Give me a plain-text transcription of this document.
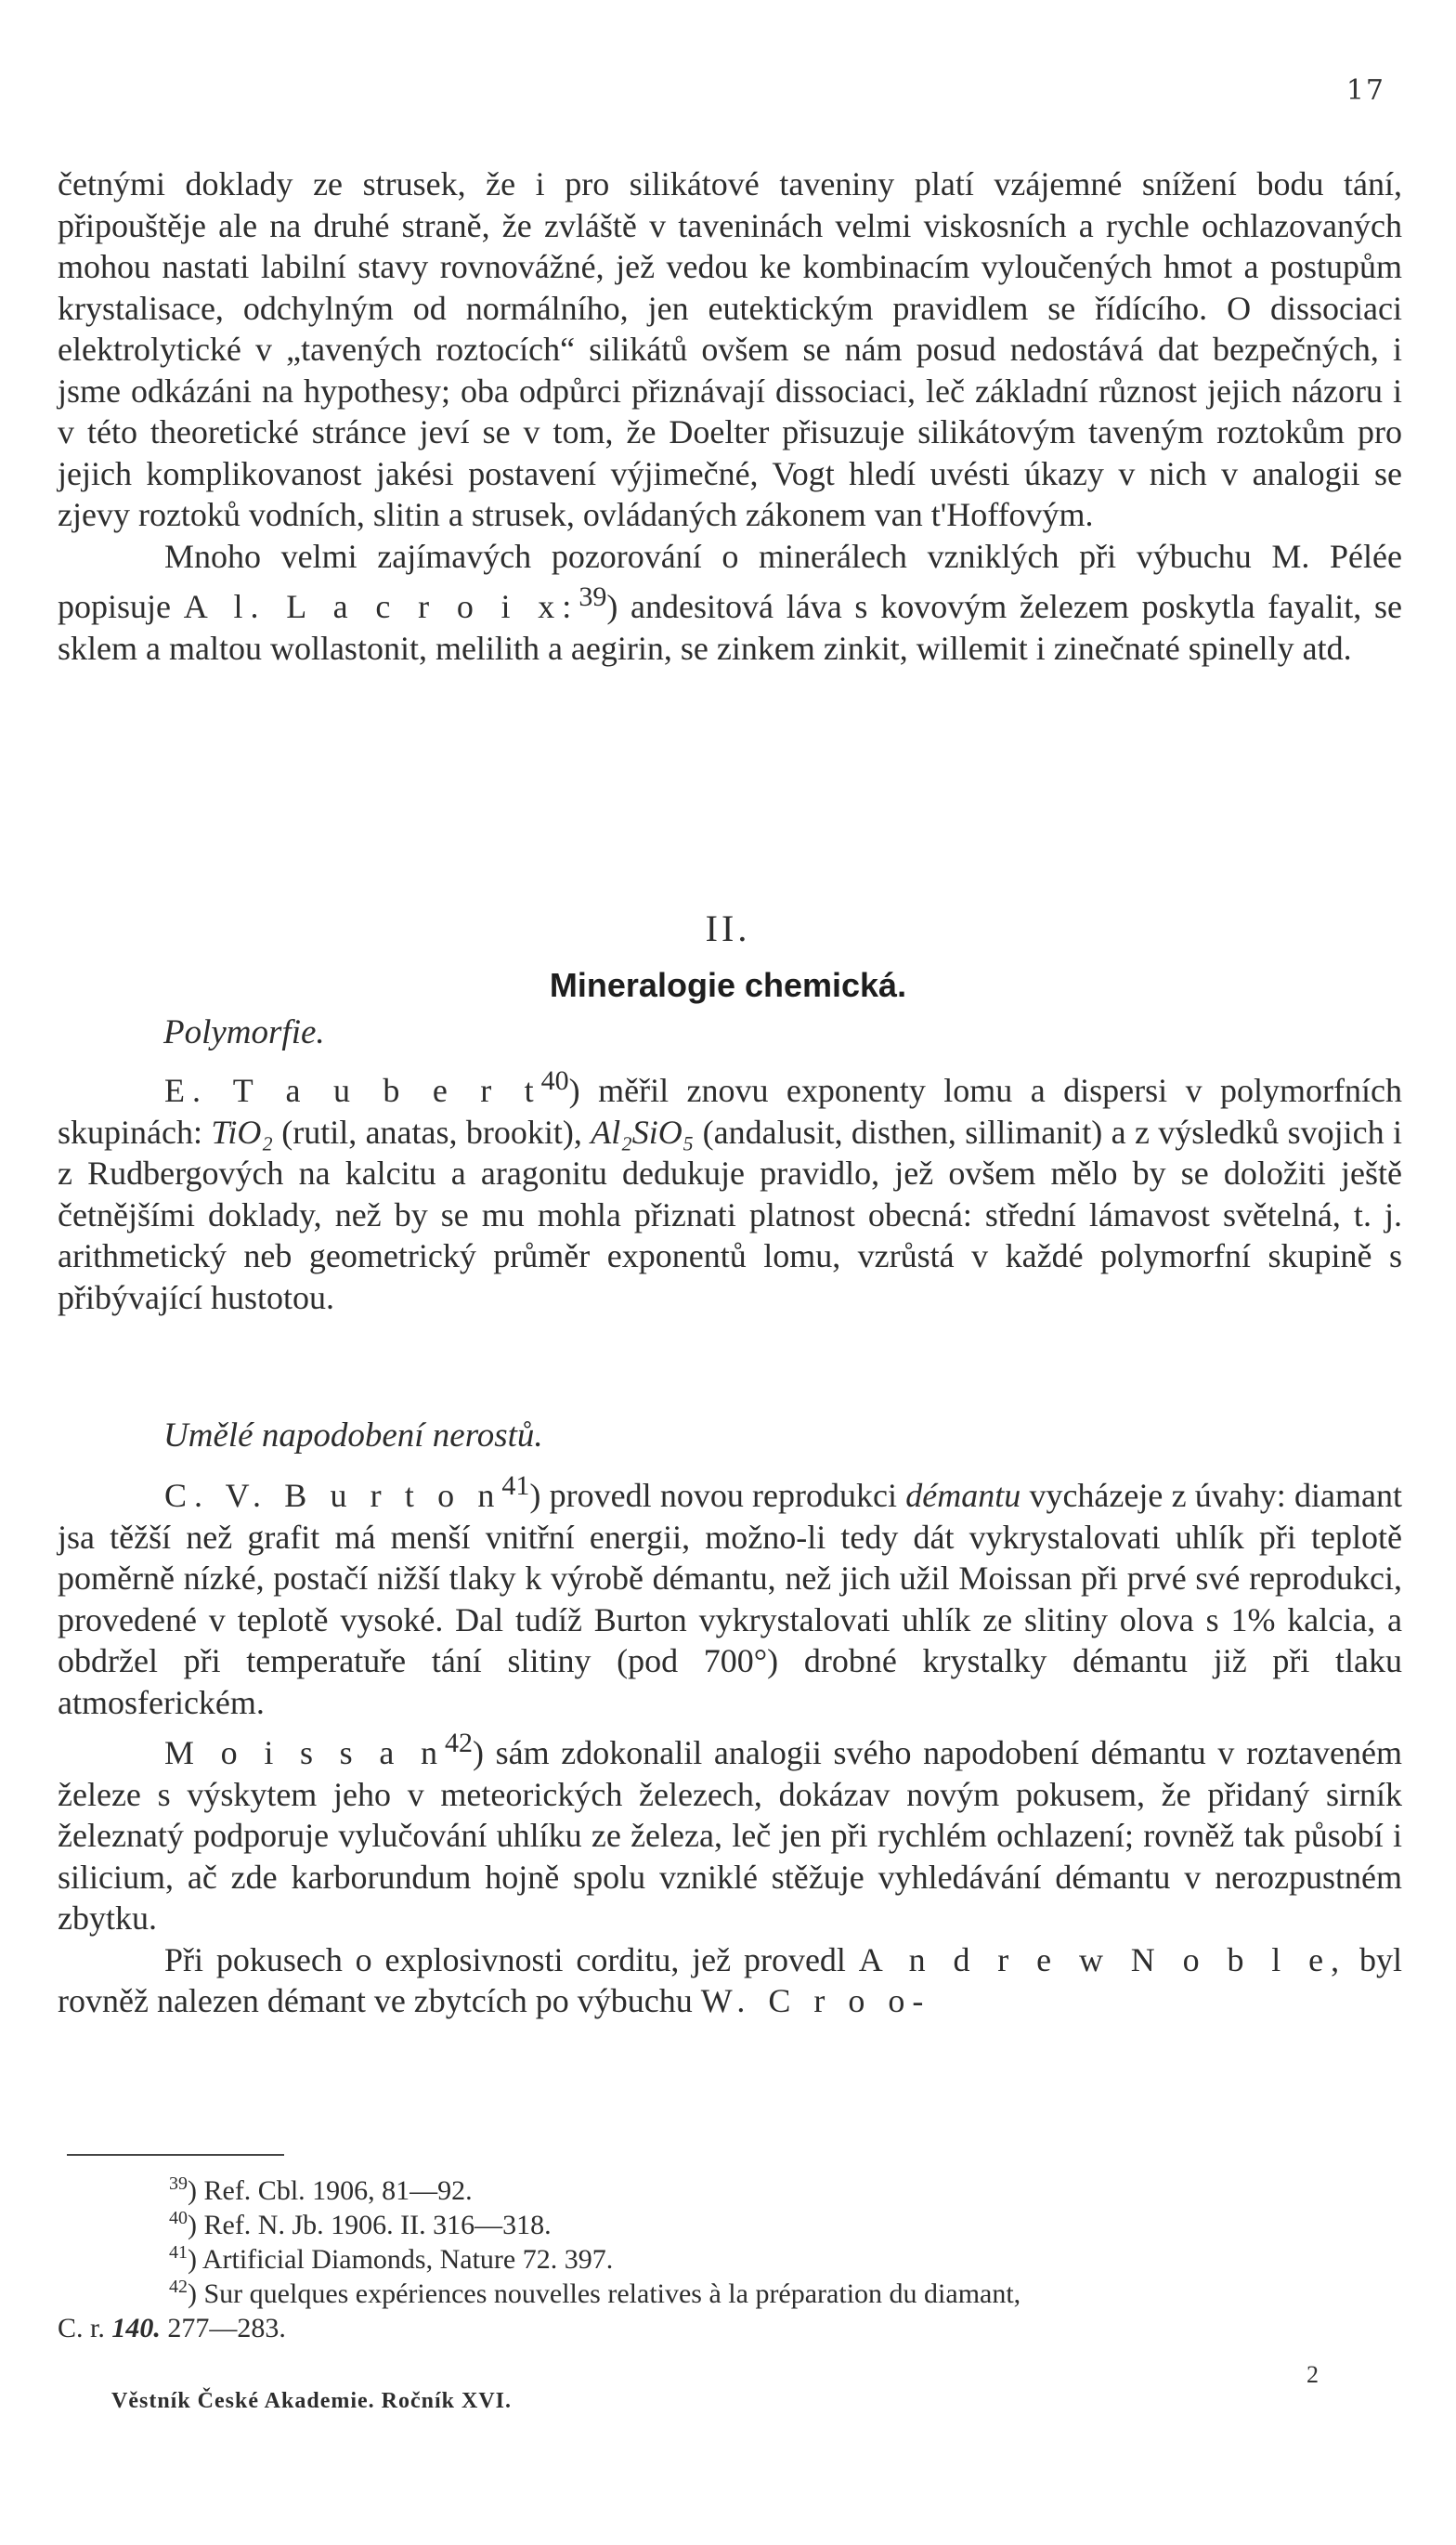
17

četnými doklady ze strusek, že i pro silikátové taveniny platí vzájemné snížení bodu tání, připouštěje ale na druhé straně, že zvláště v taveninách velmi viskosních a rychle ochlazovaných mohou nastati labilní stavy rovnovážné, jež vedou ke kombinacím vyloučených hmot a postupům krystalisace, odchylným od normálního, jen eutektickým pravidlem se řídícího. O dissociaci elektrolytické v „tavených roztocích“ silikátů ovšem se nám posud nedostává dat bezpečných, i jsme odkázáni na hypothesy; oba odpůrci přiznávají dissociaci, leč základní různost jejich názoru i v této theoretické stránce jeví se v tom, že Doelter přisuzuje silikátovým taveným roztokům pro jejich komplikovanost jakési postavení výjimečné, Vogt hledí uvésti úkazy v nich v analogii se zjevy roztoků vodních, slitin a strusek, ovládaných zákonem van t'Hoffovým.

Mnoho velmi zajímavých pozorování o minerálech vzniklých při výbuchu M. Pélée popisuje A l. L a c r o i x:$^{39}$) andesitová láva s kovovým železem poskytla fayalit, se sklem a maltou wollastonit, melilith a aegirin, se zinkem zinkit, willemit i zinečnaté spinelly atd.

II.
Mineralogie chemická.
Polymorfie.

E. T a u b e r $t^{40}$) měřil znovu exponenty lomu a dispersi v polymorfních skupinách: TiO₂ (rutil, anatas, brookit), Al₂SiO₅ (andalusit, disthen, sillimanit) a z výsledků svojich i z Rudbergových na kalcitu a aragonitu dedukuje pravidlo, jež ovšem mělo by se doložiti ještě četnějšími doklady, než by se mu mohla přiznati platnost obecná: střední lámavost světelná, t. j. arithmetický neb geometrický průměr exponentů lomu, vzrůstá v každé polymorfní skupině s přibývající hustotou.

Umělé napodobení nerostů.

C. V. B u r t o $n^{41}$) provedl novou reprodukci démantu vycházeje z úvahy: diamant jsa těžší než grafit má menší vnitřní energii, možno-li tedy dát vykrystalovati uhlík při teplotě poměrně nízké, postačí nižší tlaky k výrobě démantu, než jich užil Moissan při prvé své reprodukci, provedené v teplotě vysoké. Dal tudíž Burton vykrystalovati uhlík ze slitiny olova s 1% kalcia, a obdržel při temperatuře tání slitiny (pod 700°) drobné krystalky démantu již při tlaku atmosferickém.

M o i s s a $n^{42}$) sám zdokonalil analogii svého napodobení démantu v roztaveném železe s výskytem jeho v meteorických železech, dokázav novým pokusem, že přidaný sirník železnatý podporuje vylučování uhlíku ze železa, leč jen při rychlém ochlazení; rovněž tak působí i silicium, ač zde karborundum hojně spolu vzniklé stěžuje vyhledávání démantu v nerozpustném zbytku.

Při pokusech o explosivnosti corditu, jež provedl A n d r e w N o b l e, byl rovněž nalezen démant ve zbytcích po výbuchu W. C r o o-

$^{39}$) Ref. Cbl. 1906, 81—92.

$^{40}$) Ref. N. Jb. 1906. II. 316—318.

$^{41}$) Artificial Diamonds, Nature 72. 397.

$^{42}$) Sur quelques expériences nouvelles relatives à la préparation du diamant,

C. r. 140. 277—283.

2
Věstník České Akademie. Ročník XVI.
